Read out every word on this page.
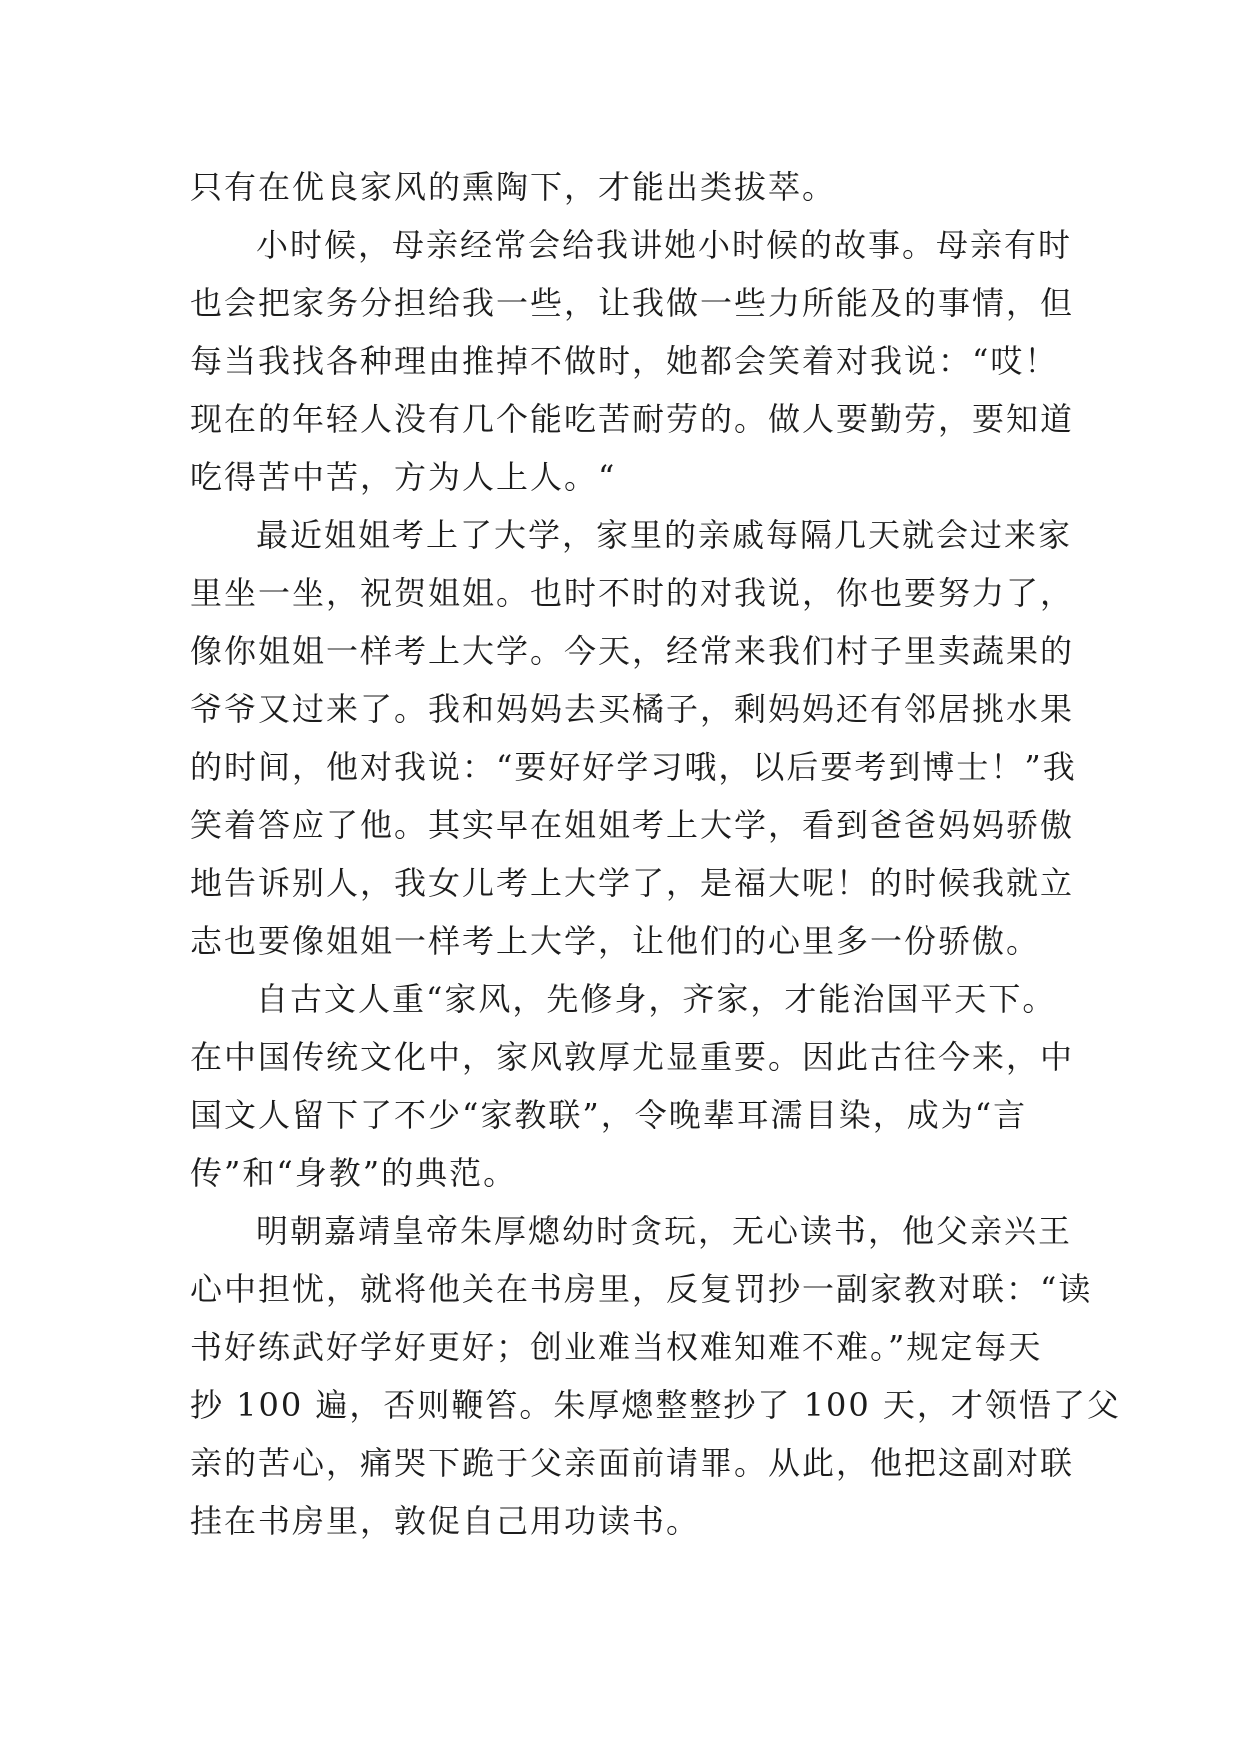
只有在优良家风的熏陶下，才能出类拔萃。
小时候，母亲经常会给我讲她小时候的故事。母亲有时
也会把家务分担给我一些，让我做一些力所能及的事情，但
每当我找各种理由推掉不做时，她都会笑着对我说：“哎！
现在的年轻人没有几个能吃苦耐劳的。做人要勤劳，要知道
吃得苦中苦，方为人上人。“
最近姐姐考上了大学，家里的亲戚每隔几天就会过来家
里坐一坐，祝贺姐姐。也时不时的对我说，你也要努力了，
像你姐姐一样考上大学。今天，经常来我们村子里卖蔬果的
爷爷又过来了。我和妈妈去买橘子，剩妈妈还有邻居挑水果
的时间，他对我说：“要好好学习哦，以后要考到博士！”我
笑着答应了他。其实早在姐姐考上大学，看到爸爸妈妈骄傲
地告诉别人，我女儿考上大学了，是福大呢！的时候我就立
志也要像姐姐一样考上大学，让他们的心里多一份骄傲。
自古文人重“家风，先修身，齐家，才能治国平天下。
在中国传统文化中，家风敦厚尤显重要。因此古往今来，中
国文人留下了不少“家教联”，令晚辈耳濡目染，成为“言
传”和“身教”的典范。
明朝嘉靖皇帝朱厚熜幼时贪玩，无心读书，他父亲兴王
心中担忧，就将他关在书房里，反复罚抄一副家教对联：“读
书好练武好学好更好；创业难当权难知难不难。”规定每天
抄 100 遍，否则鞭笞。朱厚熜整整抄了 100 天，才领悟了父
亲的苦心，痛哭下跪于父亲面前请罪。从此，他把这副对联
挂在书房里，敦促自己用功读书。
